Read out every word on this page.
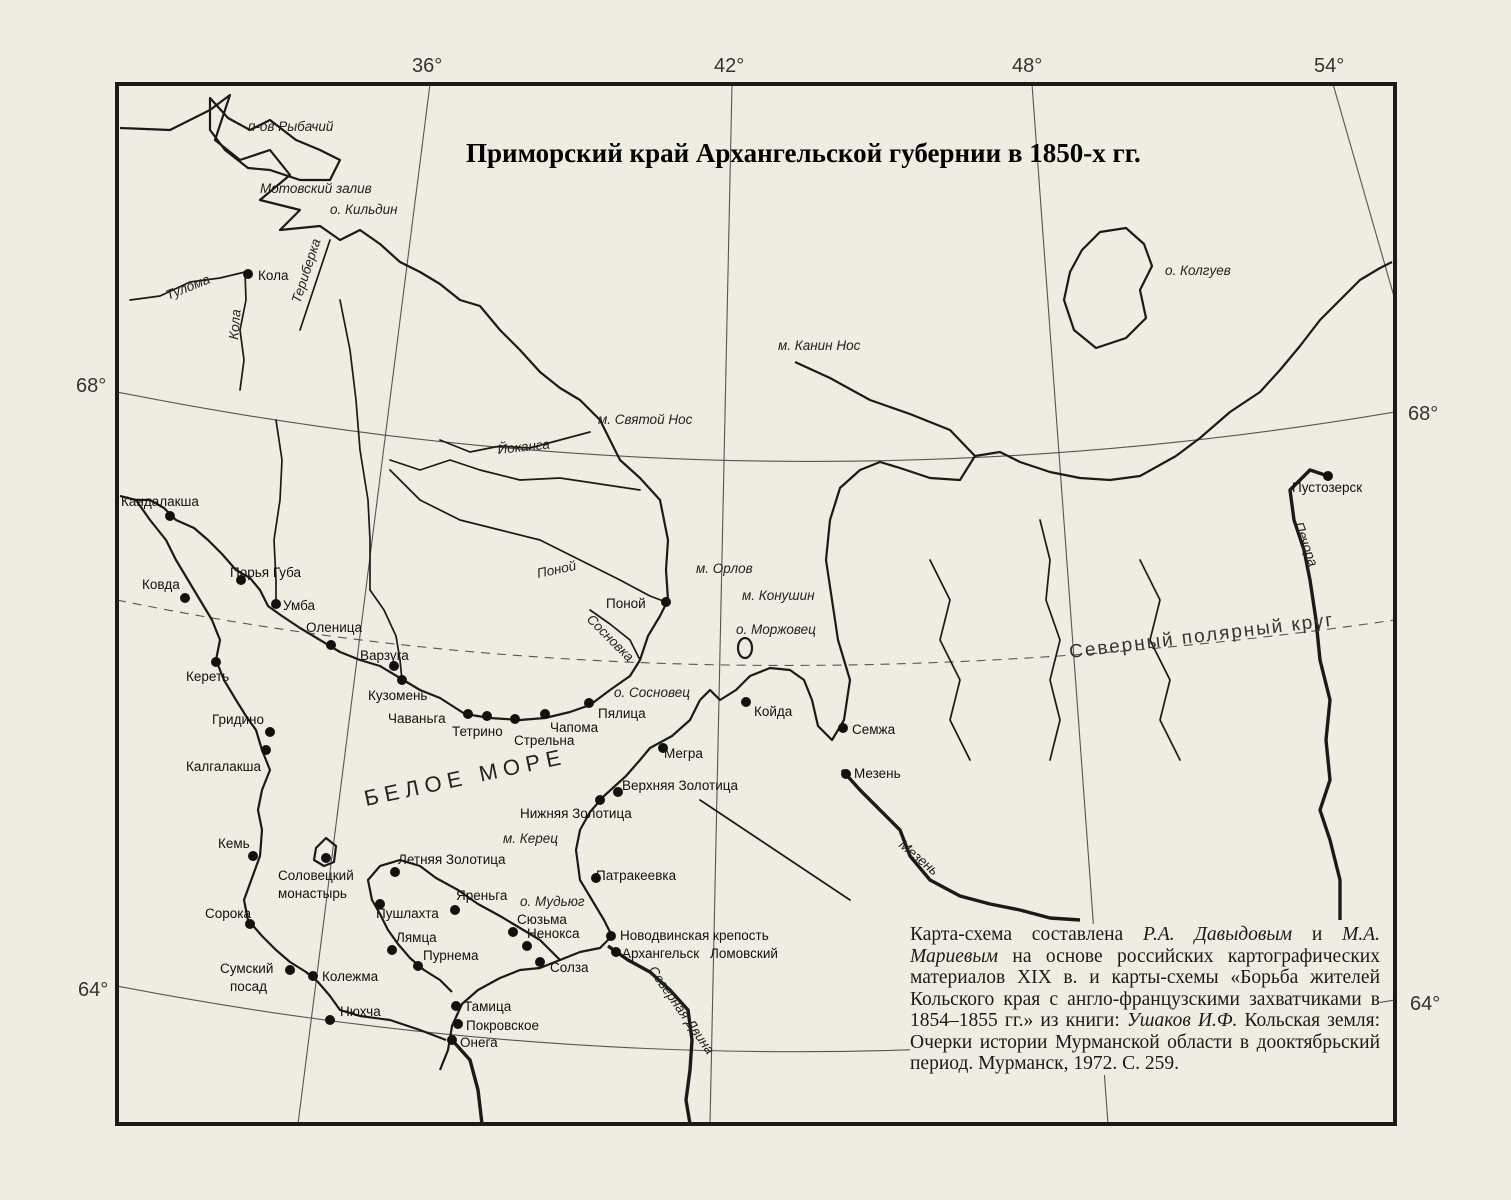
36°	42°	48°	54°
68°
68°
64°
64°
Приморский край Архангельской губернии в 1850-х гг.
п-ов Рыбачий
Мотовский залив
о. Кильдин
о. Колгуев
м. Канин Нос
м. Святой Нос
м. Орлов
м. Конушин
о. Моржовец
о. Сосновец
м. Керец
о. Мудьюг
Тулома
Кола
Териберка
Йоканга
Поной
Сосновка
Печора
Мезень
Северная Двина
БЕЛОЕ МОРЕ
Северный полярный круг
Кола
Кандалакша
Ковда
Порья Губа
Умба
Оленица
Варзуга
Кузомень
Чаваньга
Тетрино
Стрельна
Чапома
Пялица
Поной
Кереть
Гридино
Калгалакша
Кемь
Соловецкий
монастырь
Сорока
Сумский
посад
Колежма
Нюхча
Летняя Золотица
Яреньга
Пушлахта
Лямца
Пурнема
Сюзьма
Ненокса
Солза
Тамица
Покровское
Онега
Новодвинская крепость
Архангельск Ломовский
Патракеевка
Нижняя Золотица
Верхняя Золотица
Мегра
Койда
Семжа
Мезень
Пустозерск
Карта-схема составлена Р.А. Давыдовым и М.А. Мариевым на основе российских картографических материалов XIX в. и карты-схемы «Борьба жителей Кольского края с англо-французскими захватчиками в 1854–1855 гг.» из книги: Ушаков И.Ф. Кольская земля: Очерки истории Мурманской области в дооктябрьский период. Мурманск, 1972. С. 259.
